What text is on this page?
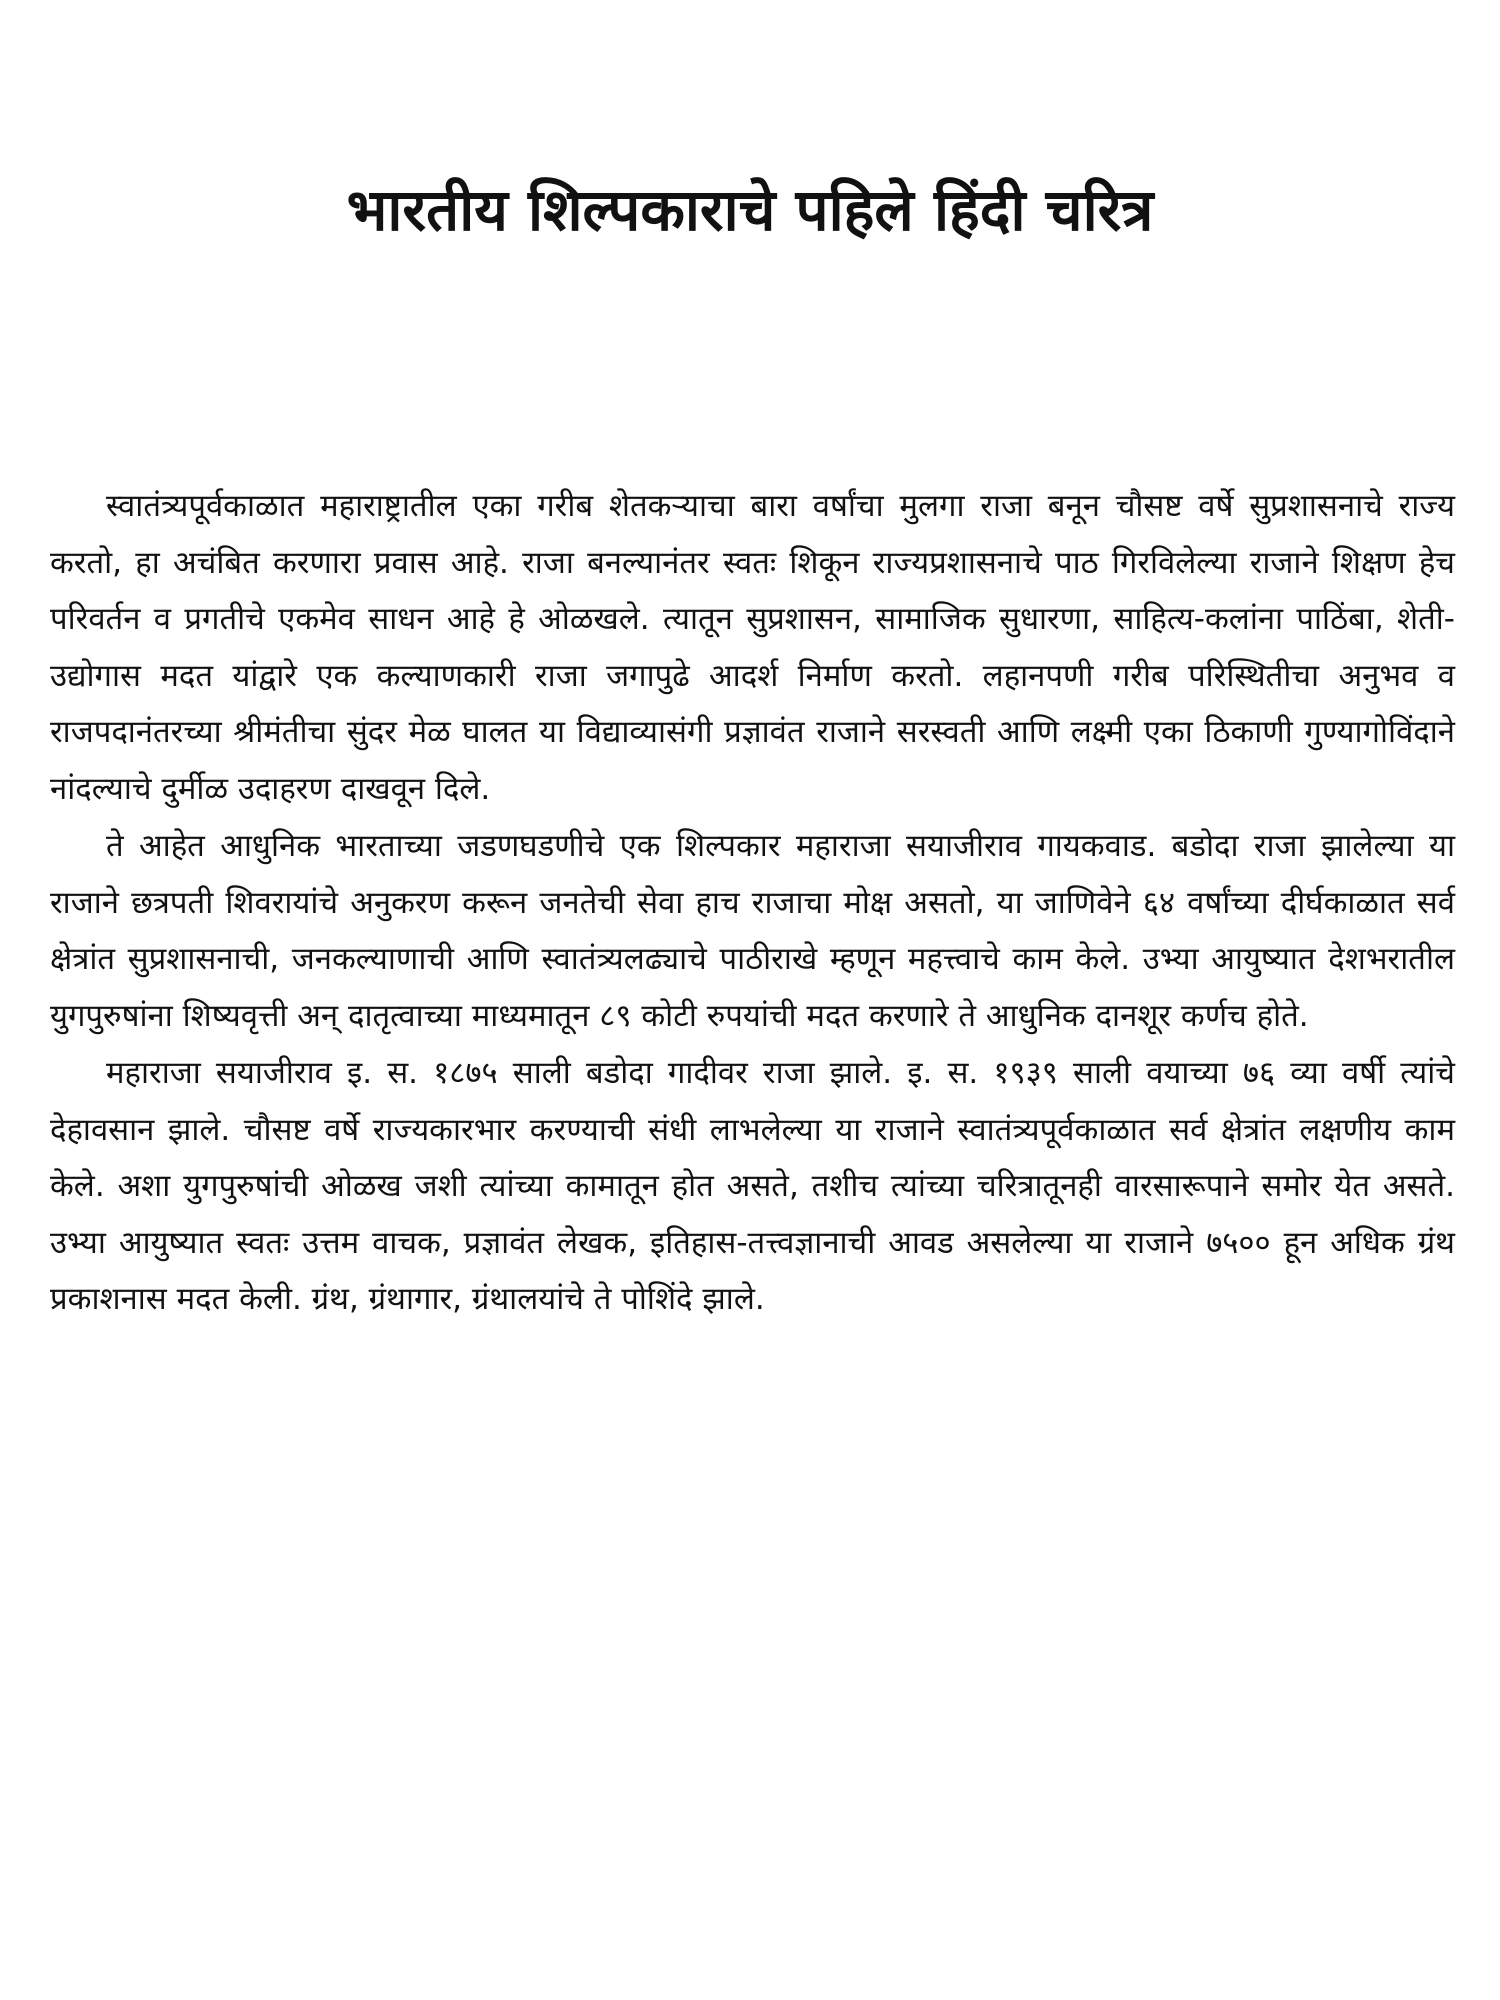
भारतीय शिल्पकाराचे पहिले हिंदी चरित्र

स्वातंत्र्यपूर्वकाळात महाराष्ट्रातील एका गरीब शेतकऱ्याचा बारा वर्षांचा मुलगा राजा बनून चौसष्ट वर्षे सुप्रशासनाचे राज्य करतो, हा अचंबित करणारा प्रवास आहे. राजा बनल्यानंतर स्वतः शिकून राज्यप्रशासनाचे पाठ गिरविलेल्या राजाने शिक्षण हेच परिवर्तन व प्रगतीचे एकमेव साधन आहे हे ओळखले. त्यातून सुप्रशासन, सामाजिक सुधारणा, साहित्य-कलांना पाठिंबा, शेती-उद्योगास मदत यांद्वारे एक कल्याणकारी राजा जगापुढे आदर्श निर्माण करतो. लहानपणी गरीब परिस्थितीचा अनुभव व राजपदानंतरच्या श्रीमंतीचा सुंदर मेळ घालत या विद्याव्यासंगी प्रज्ञावंत राजाने सरस्वती आणि लक्ष्मी एका ठिकाणी गुण्यागोविंदाने नांदल्याचे दुर्मीळ उदाहरण दाखवून दिले.

ते आहेत आधुनिक भारताच्या जडणघडणीचे एक शिल्पकार महाराजा सयाजीराव गायकवाड. बडोदा राजा झालेल्या या राजाने छत्रपती शिवरायांचे अनुकरण करून जनतेची सेवा हाच राजाचा मोक्ष असतो, या जाणिवेने ६४ वर्षांच्या दीर्घकाळात सर्व क्षेत्रांत सुप्रशासनाची, जनकल्याणाची आणि स्वातंत्र्यलढ्याचे पाठीराखे म्हणून महत्त्वाचे काम केले. उभ्या आयुष्यात देशभरातील युगपुरुषांना शिष्यवृत्ती अन् दातृत्वाच्या माध्यमातून ८९ कोटी रुपयांची मदत करणारे ते आधुनिक दानशूर कर्णच होते.

महाराजा सयाजीराव इ. स. १८७५ साली बडोदा गादीवर राजा झाले. इ. स. १९३९ साली वयाच्या ७६ व्या वर्षी त्यांचे देहावसान झाले. चौसष्ट वर्षे राज्यकारभार करण्याची संधी लाभलेल्या या राजाने स्वातंत्र्यपूर्वकाळात सर्व क्षेत्रांत लक्षणीय काम केले. अशा युगपुरुषांची ओळख जशी त्यांच्या कामातून होत असते, तशीच त्यांच्या चरित्रातूनही वारसारूपाने समोर येत असते. उभ्या आयुष्यात स्वतः उत्तम वाचक, प्रज्ञावंत लेखक, इतिहास-तत्त्वज्ञानाची आवड असलेल्या या राजाने ७५०० हून अधिक ग्रंथ प्रकाशनास मदत केली. ग्रंथ, ग्रंथागार, ग्रंथालयांचे ते पोशिंदे झाले.
